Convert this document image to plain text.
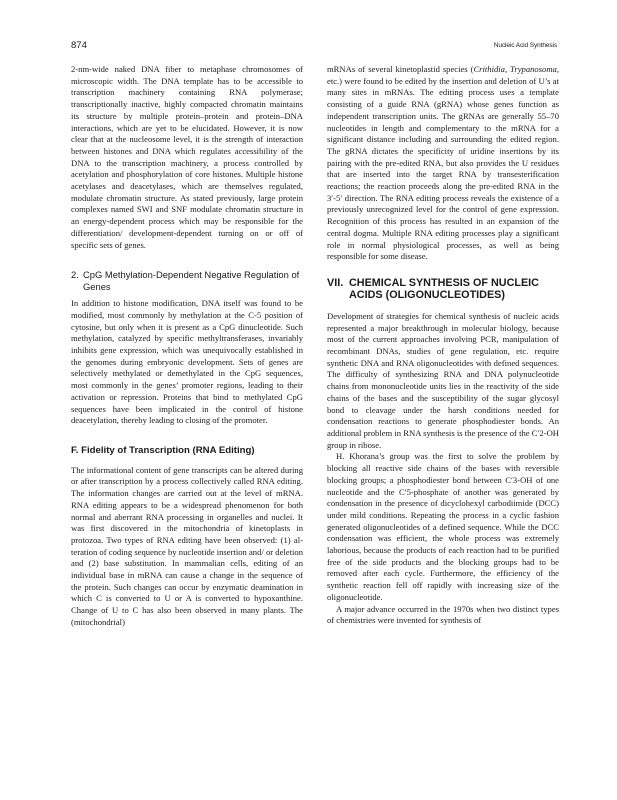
874	Nucleic Acid Synthesis

2-nm-wide naked DNA fiber to metaphase chromosomes of microscopic width. The DNA template has to be accessible to transcription machinery containing RNA polymerase; transcriptionally inactive, highly compacted chromatin maintains its structure by multiple protein–protein and protein–DNA interactions, which are yet to be elucidated. However, it is now clear that at the nucleosome level, it is the strength of interaction between histones and DNA which regulates accessibility of the DNA to the transcription machinery, a process controlled by acetylation and phosphorylation of core histones. Multiple histone acetylases and deacetylases, which are themselves regulated, modulate chromatin structure. As stated previously, large protein complexes named SWI and SNF modulate chromatin structure in an energy-dependent process which may be responsible for the differentiation/ development-dependent turning on or off of specific sets of genes.

2. CpG Methylation-Dependent Negative Regulation of Genes

In addition to histone modification, DNA itself was found to be modified, most commonly by methylation at the C-5 position of cytosine, but only when it is present as a CpG dinucleotide. Such methylation, catalyzed by specific methyltransferases, invariably inhibits gene expression, which was unequivocally established in the genomes during embryonic development. Sets of genes are selectively methylated or demethylated in the CpG sequences, most commonly in the genes’ promoter regions, leading to their activation or repression. Proteins that bind to methylated CpG sequences have been implicated in the control of histone deacetylation, thereby leading to closing of the promoter.

F. Fidelity of Transcription (RNA Editing)

The informational content of gene transcripts can be altered during or after transcription by a process collectively called RNA editing. The information changes are carried out at the level of mRNA. RNA editing appears to be a widespread phenomenon for both normal and aberrant RNA processing in organelles and nuclei. It was first discovered in the mitochondria of kinetoplasts in protozoa. Two types of RNA editing have been observed: (1) alteration of coding sequence by nucleotide insertion and/ or deletion and (2) base substitution. In mammalian cells, editing of an individual base in mRNA can cause a change in the sequence of the protein. Such changes can occur by enzymatic deamination in which C is converted to U or A is converted to hypoxanthine. Change of U to C has also been observed in many plants. The (mitochondrial)

mRNAs of several kinetoplastid species (Crithidia, Trypanosoma, etc.) were found to be edited by the insertion and deletion of U’s at many sites in mRNAs. The editing process uses a template consisting of a guide RNA (gRNA) whose genes function as independent transcription units. The gRNAs are generally 55–70 nucleotides in length and complementary to the mRNA for a significant distance including and surrounding the edited region. The gRNA dictates the specificity of uridine insertions by its pairing with the pre-edited RNA, but also provides the U residues that are inserted into the target RNA by transesterification reactions; the reaction proceeds along the pre-edited RNA in the 3′-5′ direction. The RNA editing process reveals the existence of a previously unrecognized level for the control of gene expression. Recognition of this process has resulted in an expansion of the central dogma. Multiple RNA editing processes play a significant role in normal physiological processes, as well as being responsible for some disease.

VII. CHEMICAL SYNTHESIS OF NUCLEIC ACIDS (OLIGONUCLEOTIDES)

Development of strategies for chemical synthesis of nucleic acids represented a major breakthrough in molecular biology, because most of the current approaches involving PCR, manipulation of recombinant DNAs, studies of gene regulation, etc. require synthetic DNA and RNA oligonucleotides with defined sequences. The difficulty of synthesizing RNA and DNA polynucleotide chains from mononucleotide units lies in the reactivity of the side chains of the bases and the susceptibility of the sugar glycosyl bond to cleavage under the harsh conditions needed for condensation reactions to generate phosphodiester bonds. An additional problem in RNA synthesis is the presence of the C′2-OH group in ribose.

H. Khorana’s group was the first to solve the problem by blocking all reactive side chains of the bases with reversible blocking groups; a phosphodiester bond between C′3-OH of one nucleotide and the C′5-phosphate of another was generated by condensation in the presence of dicyclohexyl carbodiimide (DCC) under mild conditions. Repeating the process in a cyclic fashion generated oligonucleotides of a defined sequence. While the DCC condensation was efficient, the whole process was extremely laborious, because the products of each reaction had to be purified free of the side products and the blocking groups had to be removed after each cycle. Furthermore, the efficiency of the synthetic reaction fell off rapidly with increasing size of the oligonucleotide.

A major advance occurred in the 1970s when two distinct types of chemistries were invented for synthesis of
